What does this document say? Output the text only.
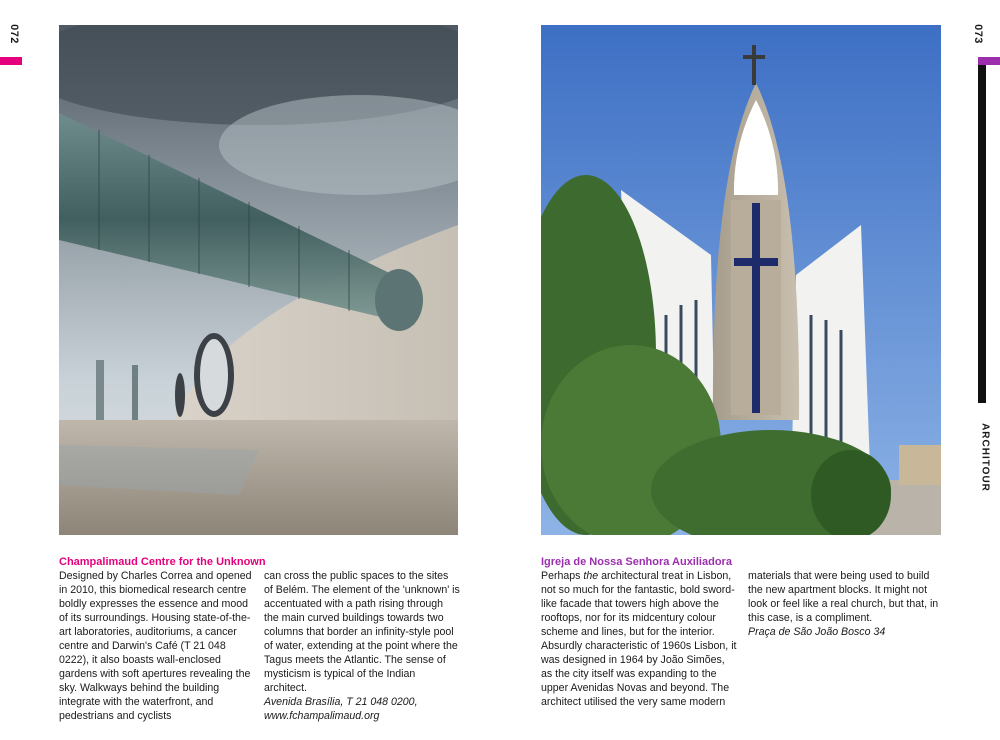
072
Champalimaud Centre for the Unknown

Designed by Charles Correa and opened in 2010, this biomedical research centre boldly expresses the essence and mood of its surroundings. Housing state-of-the-art laboratories, auditoriums, a cancer centre and Darwin's Café (T 21 048 0222), it also boasts wall-enclosed gardens with soft apertures revealing the sky. Walkways behind the building integrate with the waterfront, and pedestrians and cyclists

can cross the public spaces to the sites of Belém. The element of the 'unknown' is accentuated with a path rising through the main curved buildings towards two columns that border an infinity-style pool of water, extending at the point where the Tagus meets the Atlantic. The sense of mysticism is typical of the Indian architect.

Avenida Brasília, T 21 048 0200,

www.fchampalimaud.org

073
ARCHITOUR
Igreja de Nossa Senhora Auxiliadora

Perhaps the architectural treat in Lisbon, not so much for the fantastic, bold sword-like facade that towers high above the rooftops, nor for its midcentury colour scheme and lines, but for the interior. Absurdly characteristic of 1960s Lisbon, it was designed in 1964 by João Simões, as the city itself was expanding to the upper Avenidas Novas and beyond. The architect utilised the very same modern

materials that were being used to build the new apartment blocks. It might not look or feel like a real church, but that, in this case, is a compliment.

Praça de São João Bosco 34
